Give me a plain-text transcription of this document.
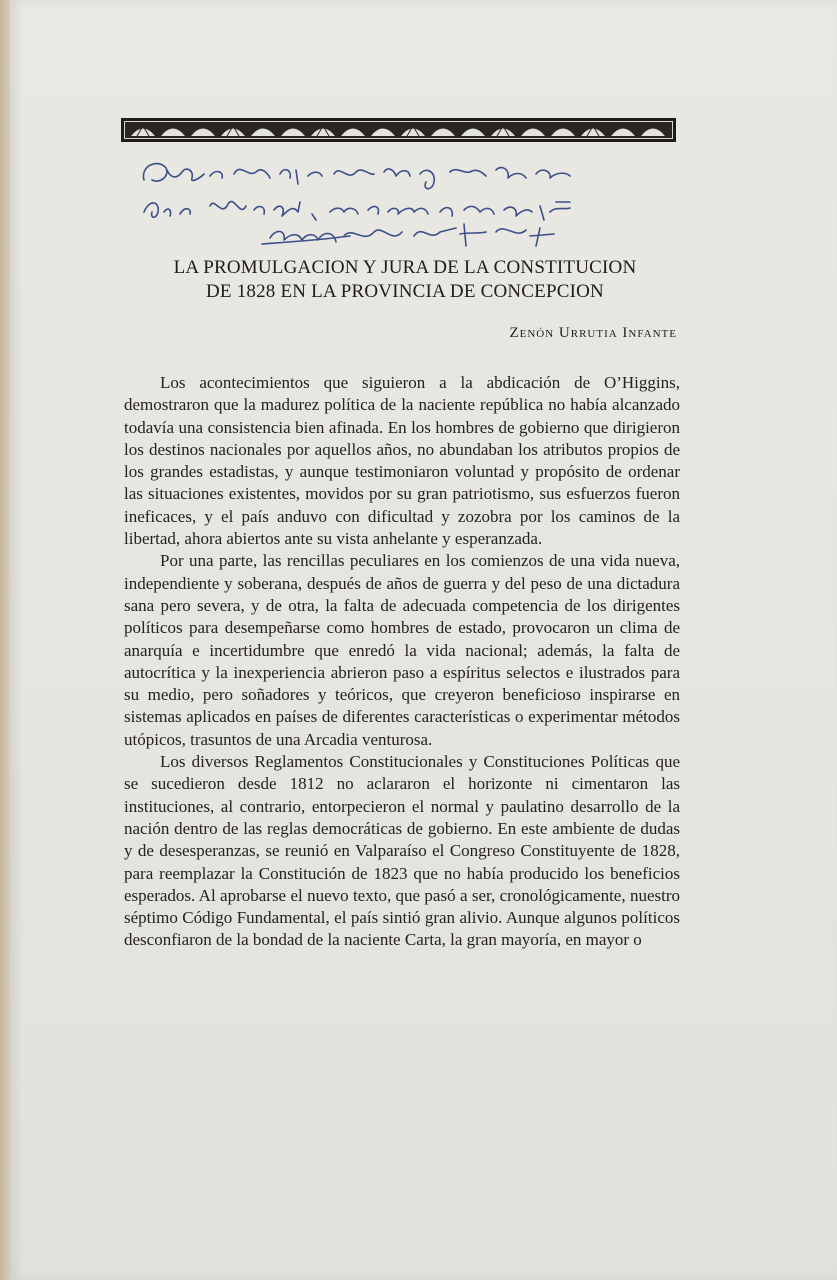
LA PROMULGACION Y JURA DE LA CONSTITUCION
DE 1828 EN LA PROVINCIA DE CONCEPCION

Zenón Urrutia Infante

Los acontecimientos que siguieron a la abdicación de O’Higgins, demostraron que la madurez política de la naciente república no había alcanzado todavía una consistencia bien afinada. En los hombres de gobierno que dirigieron los destinos nacionales por aquellos años, no abundaban los atributos propios de los grandes estadistas, y aunque testimoniaron voluntad y propósito de ordenar las situaciones existentes, movidos por su gran patriotismo, sus esfuerzos fueron ineficaces, y el país anduvo con dificultad y zozobra por los caminos de la libertad, ahora abiertos ante su vista anhelante y esperanzada.

Por una parte, las rencillas peculiares en los comienzos de una vida nueva, independiente y soberana, después de años de guerra y del peso de una dictadura sana pero severa, y de otra, la falta de adecuada competencia de los dirigentes políticos para desempeñarse como hombres de estado, provocaron un clima de anarquía e incertidumbre que enredó la vida nacional; además, la falta de autocrítica y la inexperiencia abrieron paso a espíritus selectos e ilustrados para su medio, pero soñadores y teóricos, que creyeron beneficioso inspirarse en sistemas aplicados en países de diferentes características o experimentar métodos utópicos, trasuntos de una Arcadia venturosa.

Los diversos Reglamentos Constitucionales y Constituciones Políticas que se sucedieron desde 1812 no aclararon el horizonte ni cimentaron las instituciones, al contrario, entorpecieron el normal y paulatino desarrollo de la nación dentro de las reglas democráticas de gobierno. En este ambiente de dudas y de desesperanzas, se reunió en Valparaíso el Congreso Constituyente de 1828, para reemplazar la Constitución de 1823 que no había producido los beneficios esperados. Al aprobarse el nuevo texto, que pasó a ser, cronológicamente, nuestro séptimo Código Fundamental, el país sintió gran alivio. Aunque algunos políticos desconfiaron de la bondad de la naciente Carta, la gran mayoría, en mayor o
